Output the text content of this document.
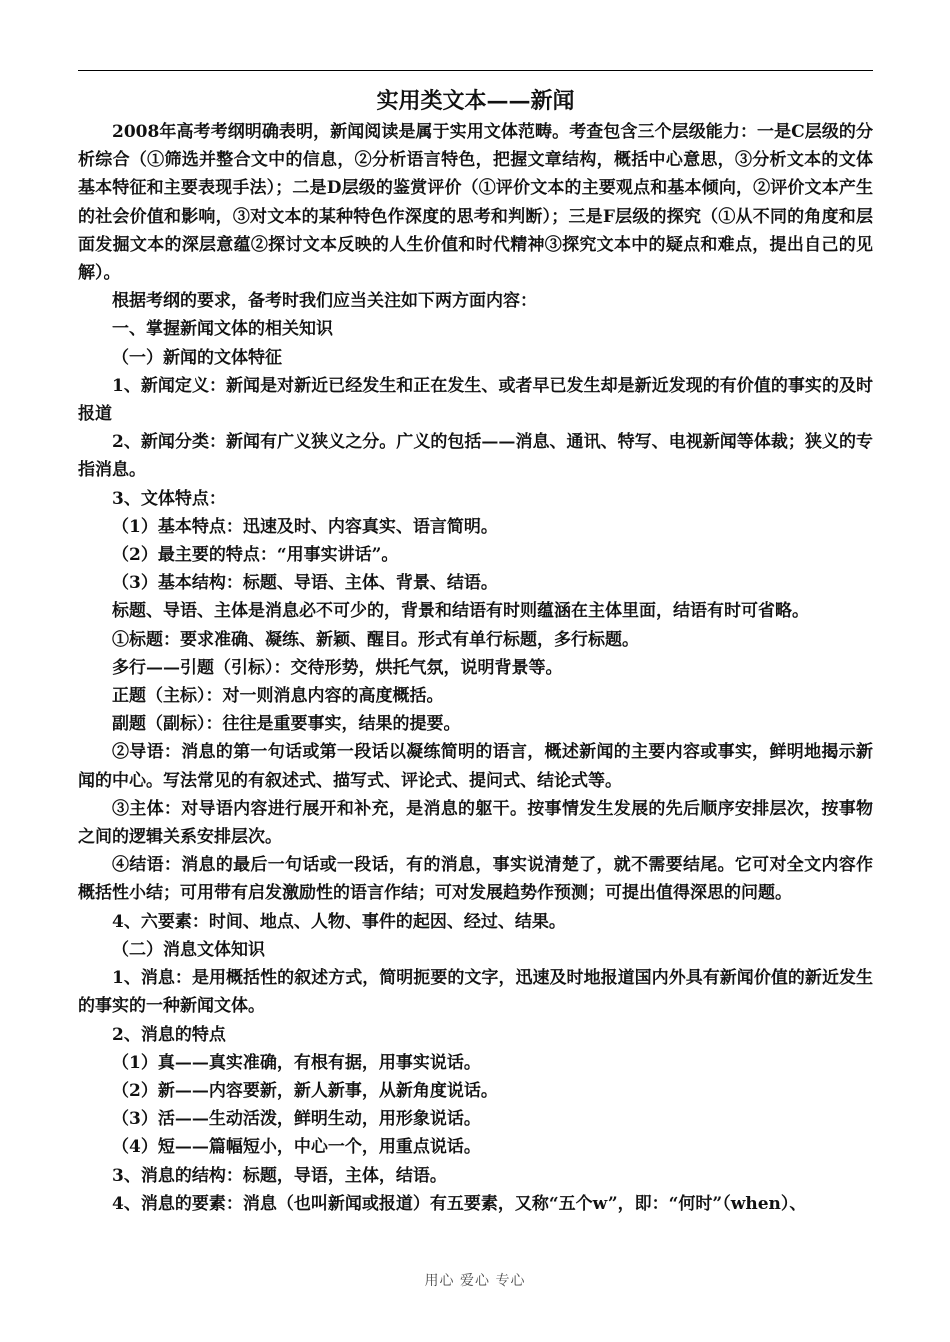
实用类文本——新闻

2008年高考考纲明确表明，新闻阅读是属于实用文体范畴。考查包含三个层级能力：一是C层级的分析综合（①筛选并整合文中的信息，②分析语言特色，把握文章结构，概括中心意思，③分析文本的文体基本特征和主要表现手法）；二是D层级的鉴赏评价（①评价文本的主要观点和基本倾向，②评价文本产生的社会价值和影响，③对文本的某种特色作深度的思考和判断）；三是F层级的探究（①从不同的角度和层面发掘文本的深层意蕴②探讨文本反映的人生价值和时代精神③探究文本中的疑点和难点，提出自己的见解）。

根据考纲的要求，备考时我们应当关注如下两方面内容：

一、掌握新闻文体的相关知识

（一）新闻的文体特征

1、新闻定义：新闻是对新近已经发生和正在发生、或者早已发生却是新近发现的有价值的事实的及时报道

2、新闻分类：新闻有广义狭义之分。广义的包括——消息、通讯、特写、电视新闻等体裁；狭义的专指消息。

3、文体特点：

（1）基本特点：迅速及时、内容真实、语言简明。

（2）最主要的特点：“用事实讲话”。

（3）基本结构：标题、导语、主体、背景、结语。

标题、导语、主体是消息必不可少的，背景和结语有时则蕴涵在主体里面，结语有时可省略。

①标题：要求准确、凝练、新颖、醒目。形式有单行标题，多行标题。

多行——引题（引标）：交待形势，烘托气氛，说明背景等。

正题（主标）：对一则消息内容的高度概括。

副题（副标）：往往是重要事实，结果的提要。

②导语：消息的第一句话或第一段话以凝练简明的语言，概述新闻的主要内容或事实，鲜明地揭示新闻的中心。写法常见的有叙述式、描写式、评论式、提问式、结论式等。

③主体：对导语内容进行展开和补充，是消息的躯干。按事情发生发展的先后顺序安排层次，按事物之间的逻辑关系安排层次。

④结语：消息的最后一句话或一段话，有的消息，事实说清楚了，就不需要结尾。它可对全文内容作概括性小结；可用带有启发激励性的语言作结；可对发展趋势作预测；可提出值得深思的问题。

4、六要素：时间、地点、人物、事件的起因、经过、结果。

（二）消息文体知识

1、消息：是用概括性的叙述方式，简明扼要的文字，迅速及时地报道国内外具有新闻价值的新近发生的事实的一种新闻文体。

2、消息的特点

（1）真——真实准确，有根有据，用事实说话。

（2）新——内容要新，新人新事，从新角度说话。

（3）活——生动活泼，鲜明生动，用形象说话。

（4）短——篇幅短小，中心一个，用重点说话。

3、消息的结构：标题，导语，主体，结语。

4、消息的要素：消息（也叫新闻或报道）有五要素，又称“五个w”，即：“何时”（when）、

用心 爱心 专心
